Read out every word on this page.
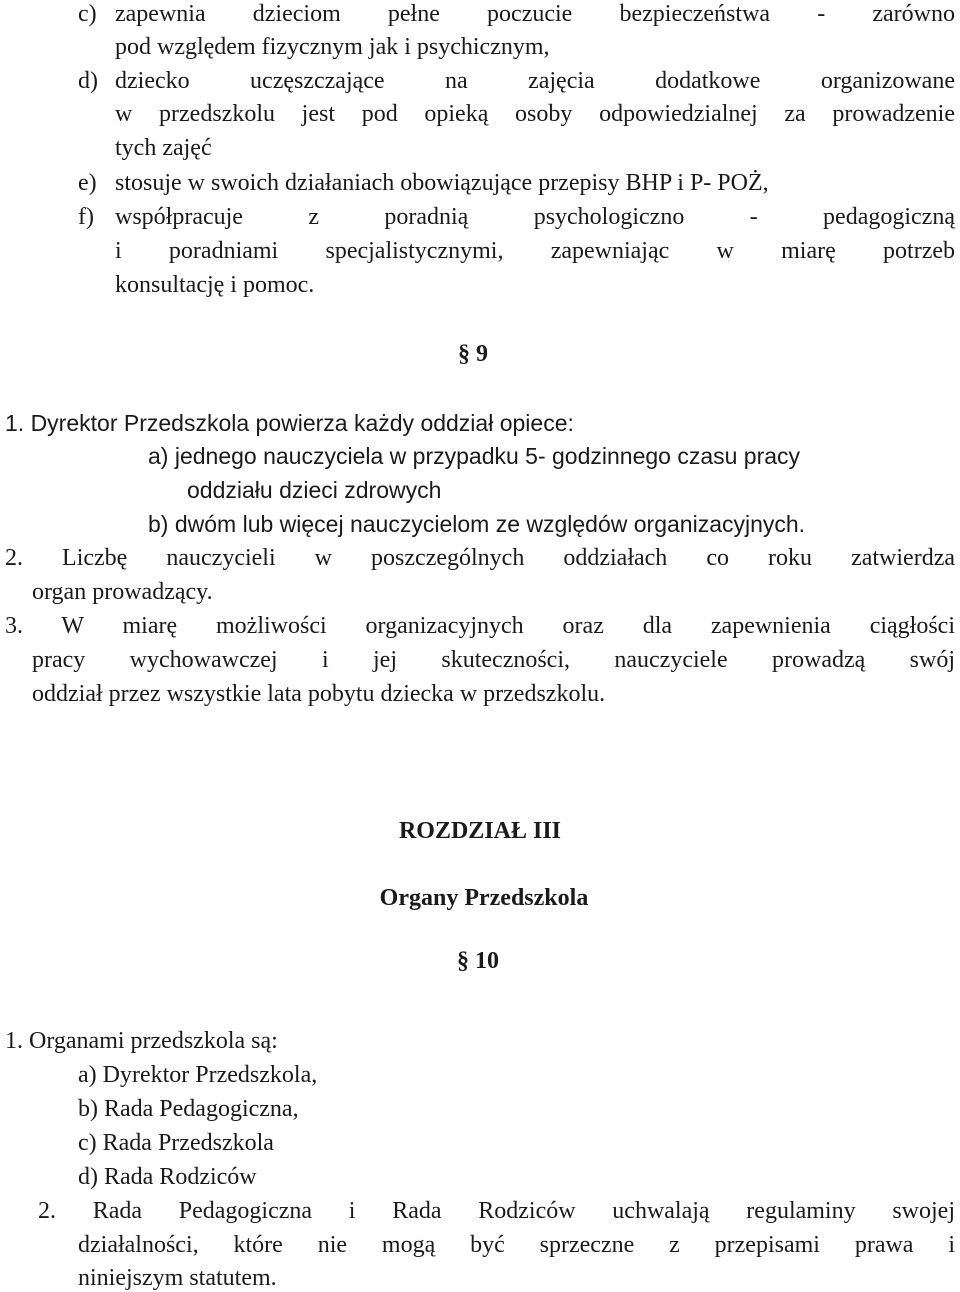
c) zapewnia dzieciom pełne poczucie bezpieczeństwa - zarówno
pod względem fizycznym jak i psychicznym,
d) dziecko uczęszczające na zajęcia dodatkowe organizowane
w przedszkolu jest pod opieką osoby odpowiedzialnej za prowadzenie
tych zajęć
e) stosuje w swoich działaniach obowiązujące przepisy BHP i P- POŻ,
f) współpracuje z poradnią psychologiczno - pedagogiczną
i poradniami specjalistycznymi, zapewniając w miarę potrzeb
konsultację i pomoc.
§ 9
1. Dyrektor Przedszkola powierza każdy oddział opiece:
a) jednego nauczyciela w przypadku 5- godzinnego czasu pracy
oddziału dzieci zdrowych
b) dwóm lub więcej nauczycielom ze względów organizacyjnych.
2. Liczbę nauczycieli w poszczególnych oddziałach co roku zatwierdza
organ prowadzący.
3. W miarę możliwości organizacyjnych oraz dla zapewnienia ciągłości
pracy wychowawczej i jej skuteczności, nauczyciele prowadzą swój
oddział przez wszystkie lata pobytu dziecka w przedszkolu.
ROZDZIAŁ III
Organy Przedszkola
§ 10
1. Organami przedszkola są:
a) Dyrektor Przedszkola,
b) Rada Pedagogiczna,
c) Rada Przedszkola
d) Rada Rodziców
2. Rada Pedagogiczna i Rada Rodziców uchwalają regulaminy swojej
działalności, które nie mogą być sprzeczne z przepisami prawa i
niniejszym statutem.
